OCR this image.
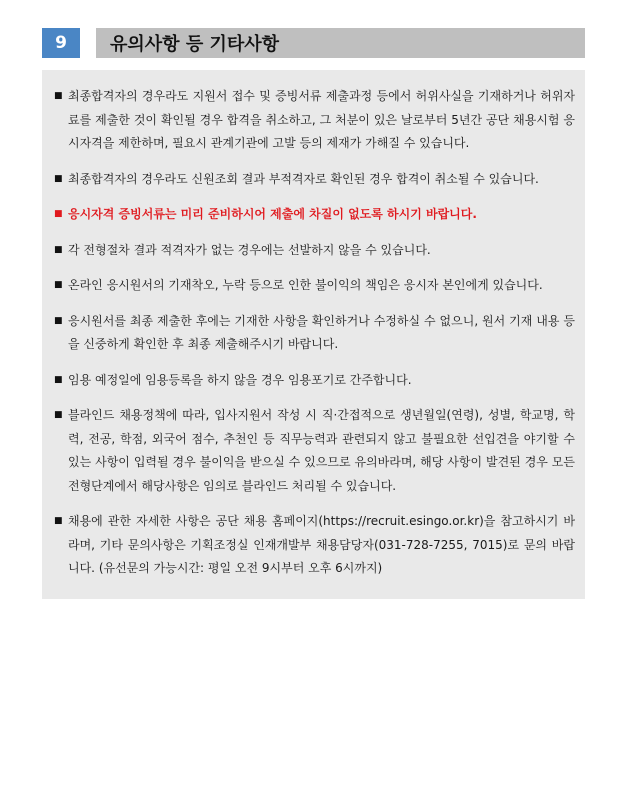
9	유의사항 등 기타사항
■ 최종합격자의 경우라도 지원서 접수 및 증빙서류 제출과정 등에서 허위사실을 기재하거나 허위자료를 제출한 것이 확인될 경우 합격을 취소하고, 그 처분이 있은 날로부터 5년간 공단 채용시험 응시자격을 제한하며, 필요시 관계기관에 고발 등의 제재가 가해질 수 있습니다.
■ 최종합격자의 경우라도 신원조회 결과 부적격자로 확인된 경우 합격이 취소될 수 있습니다.
■ 응시자격 증빙서류는 미리 준비하시어 제출에 차질이 없도록 하시기 바랍니다.
■ 각 전형절차 결과 적격자가 없는 경우에는 선발하지 않을 수 있습니다.
■ 온라인 응시원서의 기재착오, 누락 등으로 인한 불이익의 책임은 응시자 본인에게 있습니다.
■ 응시원서를 최종 제출한 후에는 기재한 사항을 확인하거나 수정하실 수 없으니, 원서 기재 내용 등을 신중하게 확인한 후 최종 제출해주시기 바랍니다.
■ 임용 예정일에 임용등록을 하지 않을 경우 임용포기로 간주합니다.
■ 블라인드 채용정책에 따라, 입사지원서 작성 시 직·간접적으로 생년월일(연령), 성별, 학교명, 학력, 전공, 학점, 외국어 점수, 추천인 등 직무능력과 관련되지 않고 불필요한 선입견을 야기할 수 있는 사항이 입력될 경우 불이익을 받으실 수 있으므로 유의바라며, 해당 사항이 발견된 경우 모든 전형단계에서 해당사항은 임의로 블라인드 처리될 수 있습니다.
■ 채용에 관한 자세한 사항은 공단 채용 홈페이지(https://recruit.esingo.or.kr)을 참고하시기 바라며, 기타 문의사항은 기획조정실 인재개발부 채용담당자(031-728-7255, 7015)로 문의 바랍니다. (유선문의 가능시간: 평일 오전 9시부터 오후 6시까지)
